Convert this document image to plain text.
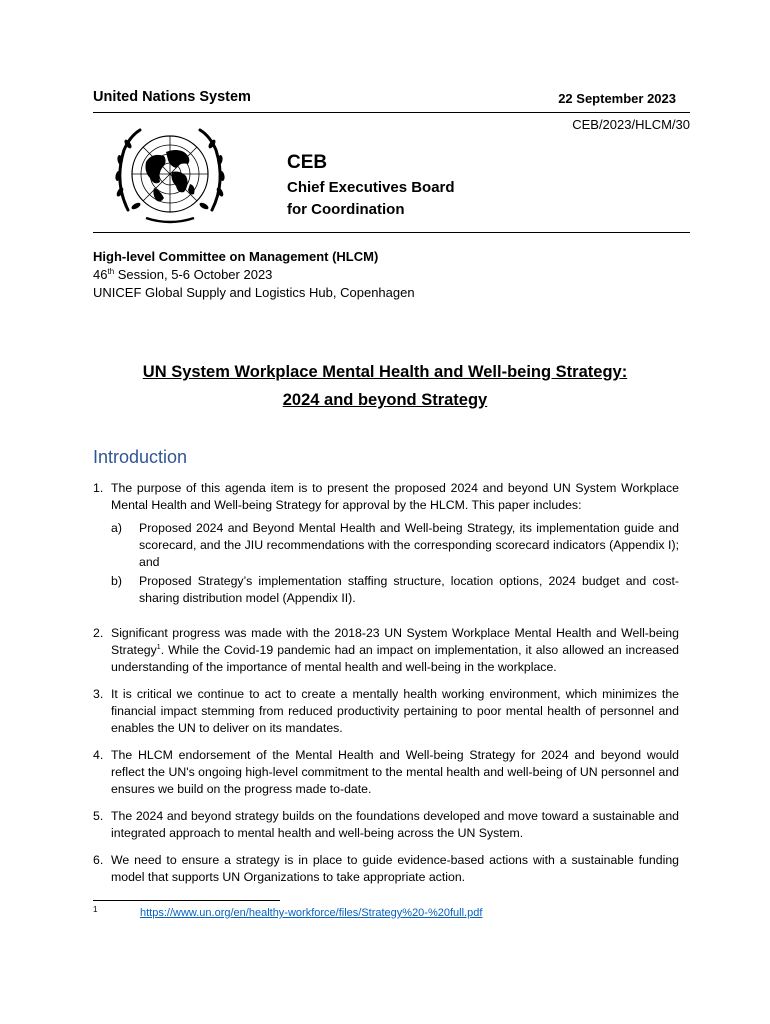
United Nations System	22 September 2023
CEB/2023/HLCM/30
CEB
Chief Executives Board
for Coordination
High-level Committee on Management (HLCM)
46th Session, 5-6 October 2023
UNICEF Global Supply and Logistics Hub, Copenhagen
UN System Workplace Mental Health and Well-being Strategy:
2024 and beyond Strategy
Introduction
1. The purpose of this agenda item is to present the proposed 2024 and beyond UN System Workplace Mental Health and Well-being Strategy for approval by the HLCM. This paper includes:
a)	Proposed 2024 and Beyond Mental Health and Well-being Strategy, its implementation guide and scorecard, and the JIU recommendations with the corresponding scorecard indicators (Appendix I); and
b)	Proposed Strategy’s implementation staffing structure, location options, 2024 budget and cost-sharing distribution model (Appendix II).
2. Significant progress was made with the 2018-23 UN System Workplace Mental Health and Well-being Strategy$^1$. While the Covid-19 pandemic had an impact on implementation, it also allowed an increased understanding of the importance of mental health and well-being in the workplace.
3. It is critical we continue to act to create a mentally health working environment, which minimizes the financial impact stemming from reduced productivity pertaining to poor mental health of personnel and enables the UN to deliver on its mandates.
4. The HLCM endorsement of the Mental Health and Well-being Strategy for 2024 and beyond would reflect the UN's ongoing high-level commitment to the mental health and well-being of UN personnel and ensures we build on the progress made to-date.
5. The 2024 and beyond strategy builds on the foundations developed and move toward a sustainable and integrated approach to mental health and well-being across the UN System.
6. We need to ensure a strategy is in place to guide evidence-based actions with a sustainable funding model that supports UN Organizations to take appropriate action.
1	https://www.un.org/en/healthy-workforce/files/Strategy%20-%20full.pdf
